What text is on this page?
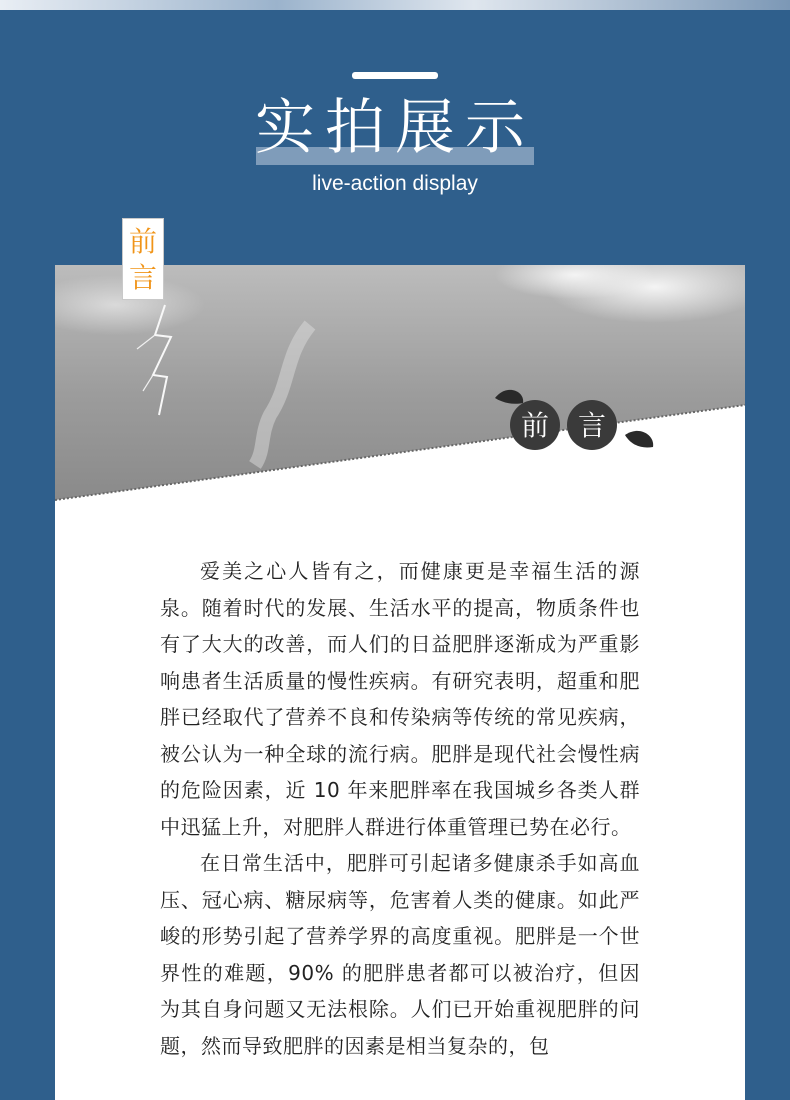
实拍展示
live-action display
前 言

爱美之心人皆有之，而健康更是幸福生活的源泉。随着时代的发展、生活水平的提高，物质条件也有了大大的改善，而人们的日益肥胖逐渐成为严重影响患者生活质量的慢性疾病。有研究表明，超重和肥胖已经取代了营养不良和传染病等传统的常见疾病，被公认为一种全球的流行病。肥胖是现代社会慢性病的危险因素，近 10 年来肥胖率在我国城乡各类人群中迅猛上升，对肥胖人群进行体重管理已势在必行。

在日常生活中，肥胖可引起诸多健康杀手如高血压、冠心病、糖尿病等，危害着人类的健康。如此严峻的形势引起了营养学界的高度重视。肥胖是一个世界性的难题，90% 的肥胖患者都可以被治疗，但因为其自身问题又无法根除。人们已开始重视肥胖的问题，然而导致肥胖的因素是相当复杂的，包

前
言
